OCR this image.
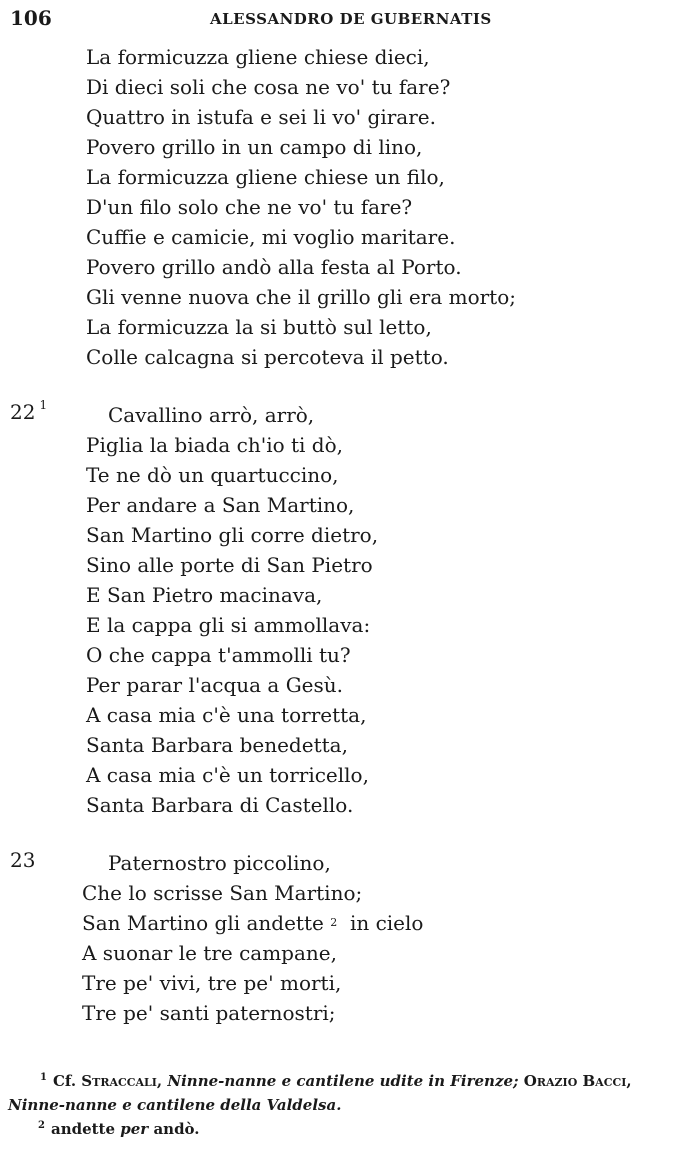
106	ALESSANDRO DE GUBERNATIS
La formicuzza gliene chiese dieci,
Di dieci soli che cosa ne vo' tu fare?
Quattro in istufa e sei li vo' girare.
Povero grillo in un campo di lino,
La formicuzza gliene chiese un filo,
D'un filo solo che ne vo' tu fare?
Cuffie e camicie, mi voglio maritare.
Povero grillo andò alla festa al Porto.
Gli venne nuova che il grillo gli era morto;
La formicuzza la si buttò sul letto,
Colle calcagna si percoteva il petto.
22 $^1$	Cavallino arrò, arrò,
Piglia la biada ch'io ti dò,
Te ne dò un quartuccino,
Per andare a San Martino,
San Martino gli corre dietro,
Sino alle porte di San Pietro
E San Pietro macinava,
E la cappa gli si ammollava:
O che cappa t'ammolli tu?
Per parar l'acqua a Gesù.
A casa mia c'è una torretta,
Santa Barbara benedetta,
A casa mia c'è un torricello,
Santa Barbara di Castello.
23	Paternostro piccolino,
Che lo scrisse San Martino;
San Martino gli andette $^2$ in cielo
A suonar le tre campane,
Tre pe' vivi, tre pe' morti,
Tre pe' santi paternostri;
$^1$ Cf. Straccali, Ninne-nanne e cantilene udite in Firenze; Orazio Bacci,
Ninne-nanne e cantilene della Valdelsa.
$^2$ andette per andò.
